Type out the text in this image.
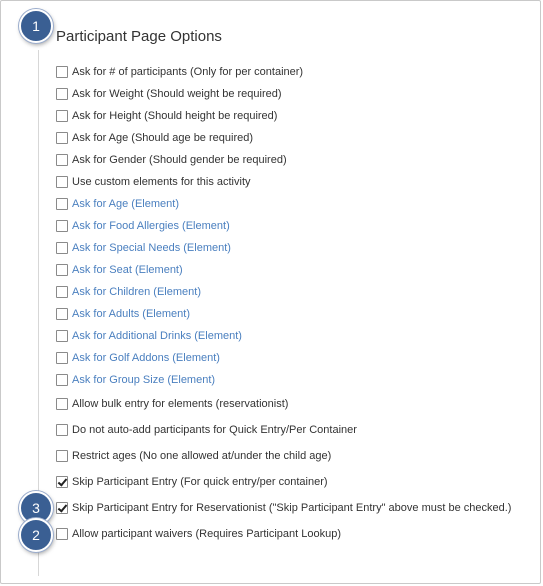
Participant Page Options
Ask for # of participants (Only for per container)
Ask for Weight (Should weight be required)
Ask for Height (Should height be required)
Ask for Age (Should age be required)
Ask for Gender (Should gender be required)
Use custom elements for this activity
Ask for Age (Element)
Ask for Food Allergies (Element)
Ask for Special Needs (Element)
Ask for Seat (Element)
Ask for Children (Element)
Ask for Adults (Element)
Ask for Additional Drinks (Element)
Ask for Golf Addons (Element)
Ask for Group Size (Element)
Allow bulk entry for elements (reservationist)
Do not auto-add participants for Quick Entry/Per Container
Restrict ages (No one allowed at/under the child age)
Skip Participant Entry (For quick entry/per container)
Skip Participant Entry for Reservationist ("Skip Participant Entry" above must be checked.)
Allow participant waivers (Requires Participant Lookup)
1
3
2
